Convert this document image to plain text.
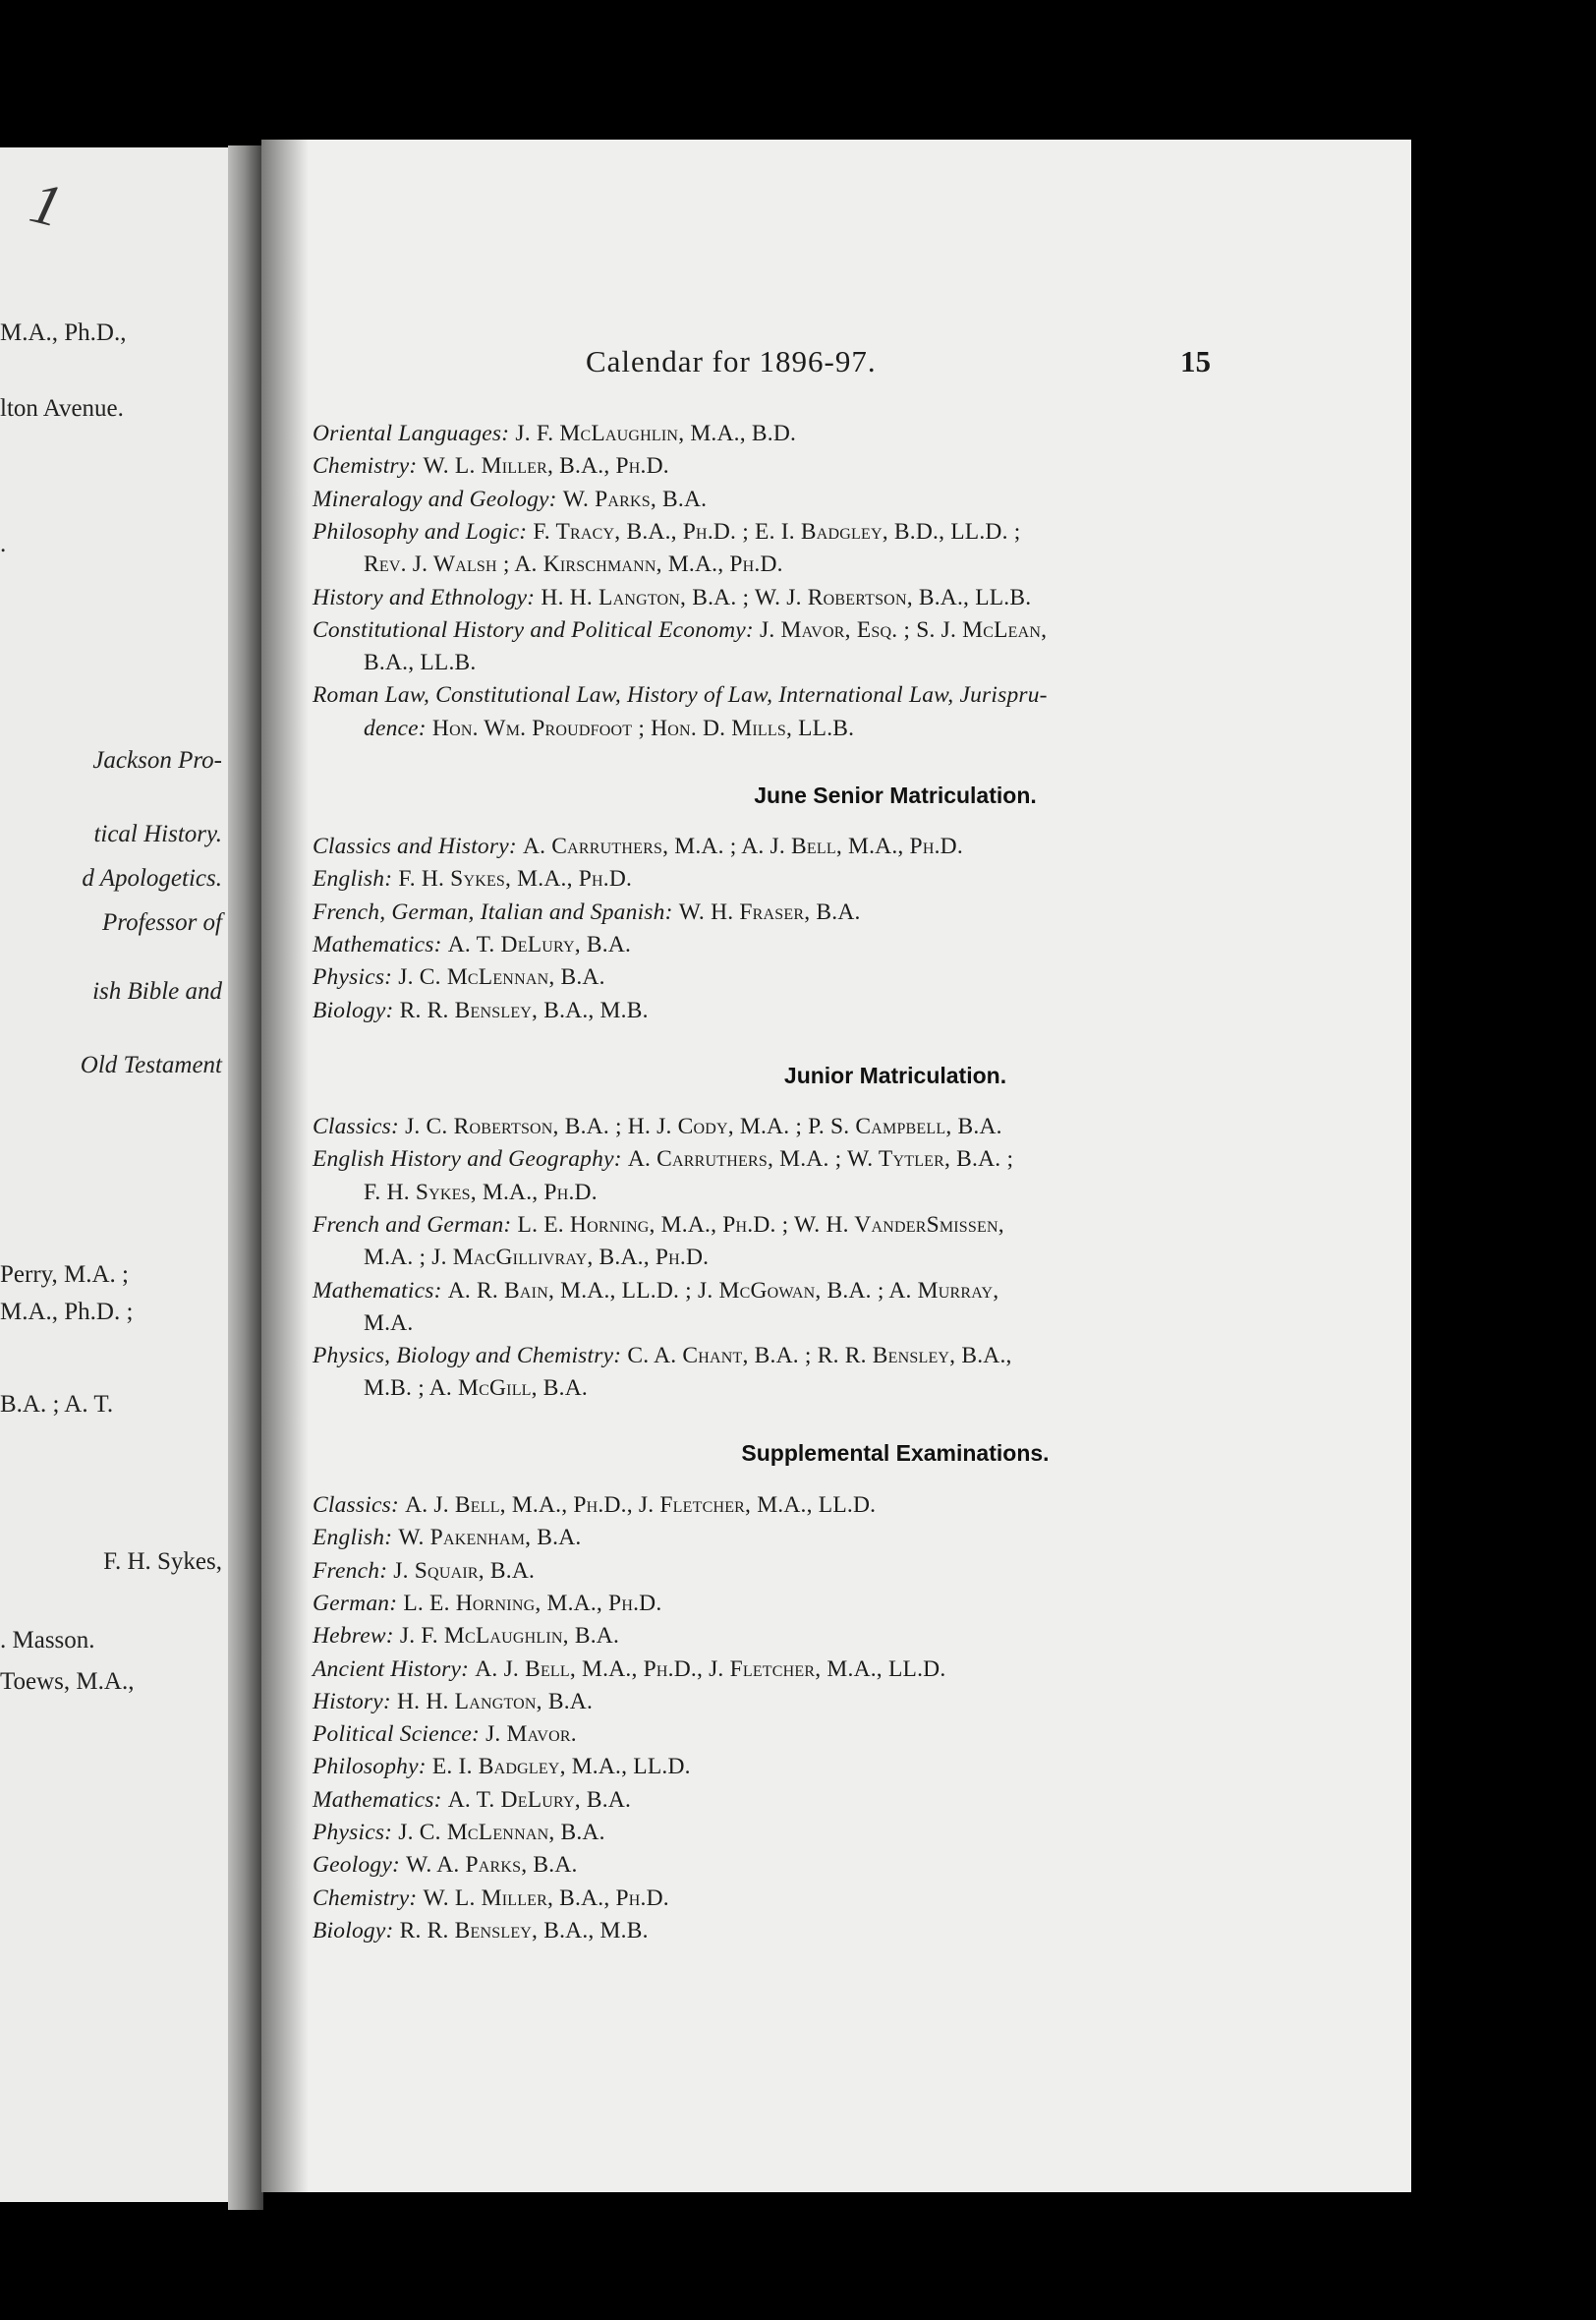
1
M.A., Ph.D.,
lton Avenue.
.
Jackson Pro-
tical History.
d Apologetics.
Professor of
ish Bible and
Old Testament
Perry, M.A. ;
M.A., Ph.D. ;
B.A. ; A. T.
F. H. Sykes,
. Masson.
Toews, M.A.,
Calendar for 1896-97.	15
Oriental Languages: J. F. McLaughlin, M.A., B.D.
Chemistry: W. L. Miller, B.A., Ph.D.
Mineralogy and Geology: W. Parks, B.A.
Philosophy and Logic: F. Tracy, B.A., Ph.D. ; E. I. Badgley, B.D., LL.D. ;
Rev. J. Walsh ; A. Kirschmann, M.A., Ph.D.
History and Ethnology: H. H. Langton, B.A. ; W. J. Robertson, B.A., LL.B.
Constitutional History and Political Economy: J. Mavor, Esq. ; S. J. McLean,
B.A., LL.B.
Roman Law, Constitutional Law, History of Law, International Law, Jurispru-
dence: Hon. Wm. Proudfoot ; Hon. D. Mills, LL.B.
June Senior Matriculation.
Classics and History: A. Carruthers, M.A. ; A. J. Bell, M.A., Ph.D.
English: F. H. Sykes, M.A., Ph.D.
French, German, Italian and Spanish: W. H. Fraser, B.A.
Mathematics: A. T. DeLury, B.A.
Physics: J. C. McLennan, B.A.
Biology: R. R. Bensley, B.A., M.B.
Junior Matriculation.
Classics: J. C. Robertson, B.A. ; H. J. Cody, M.A. ; P. S. Campbell, B.A.
English History and Geography: A. Carruthers, M.A. ; W. Tytler, B.A. ;
F. H. Sykes, M.A., Ph.D.
French and German: L. E. Horning, M.A., Ph.D. ; W. H. VanderSmissen,
M.A. ; J. MacGillivray, B.A., Ph.D.
Mathematics: A. R. Bain, M.A., LL.D. ; J. McGowan, B.A. ; A. Murray,
M.A.
Physics, Biology and Chemistry: C. A. Chant, B.A. ; R. R. Bensley, B.A.,
M.B. ; A. McGill, B.A.
Supplemental Examinations.
Classics: A. J. Bell, M.A., Ph.D., J. Fletcher, M.A., LL.D.
English: W. Pakenham, B.A.
French: J. Squair, B.A.
German: L. E. Horning, M.A., Ph.D.
Hebrew: J. F. McLaughlin, B.A.
Ancient History: A. J. Bell, M.A., Ph.D., J. Fletcher, M.A., LL.D.
History: H. H. Langton, B.A.
Political Science: J. Mavor.
Philosophy: E. I. Badgley, M.A., LL.D.
Mathematics: A. T. DeLury, B.A.
Physics: J. C. McLennan, B.A.
Geology: W. A. Parks, B.A.
Chemistry: W. L. Miller, B.A., Ph.D.
Biology: R. R. Bensley, B.A., M.B.
